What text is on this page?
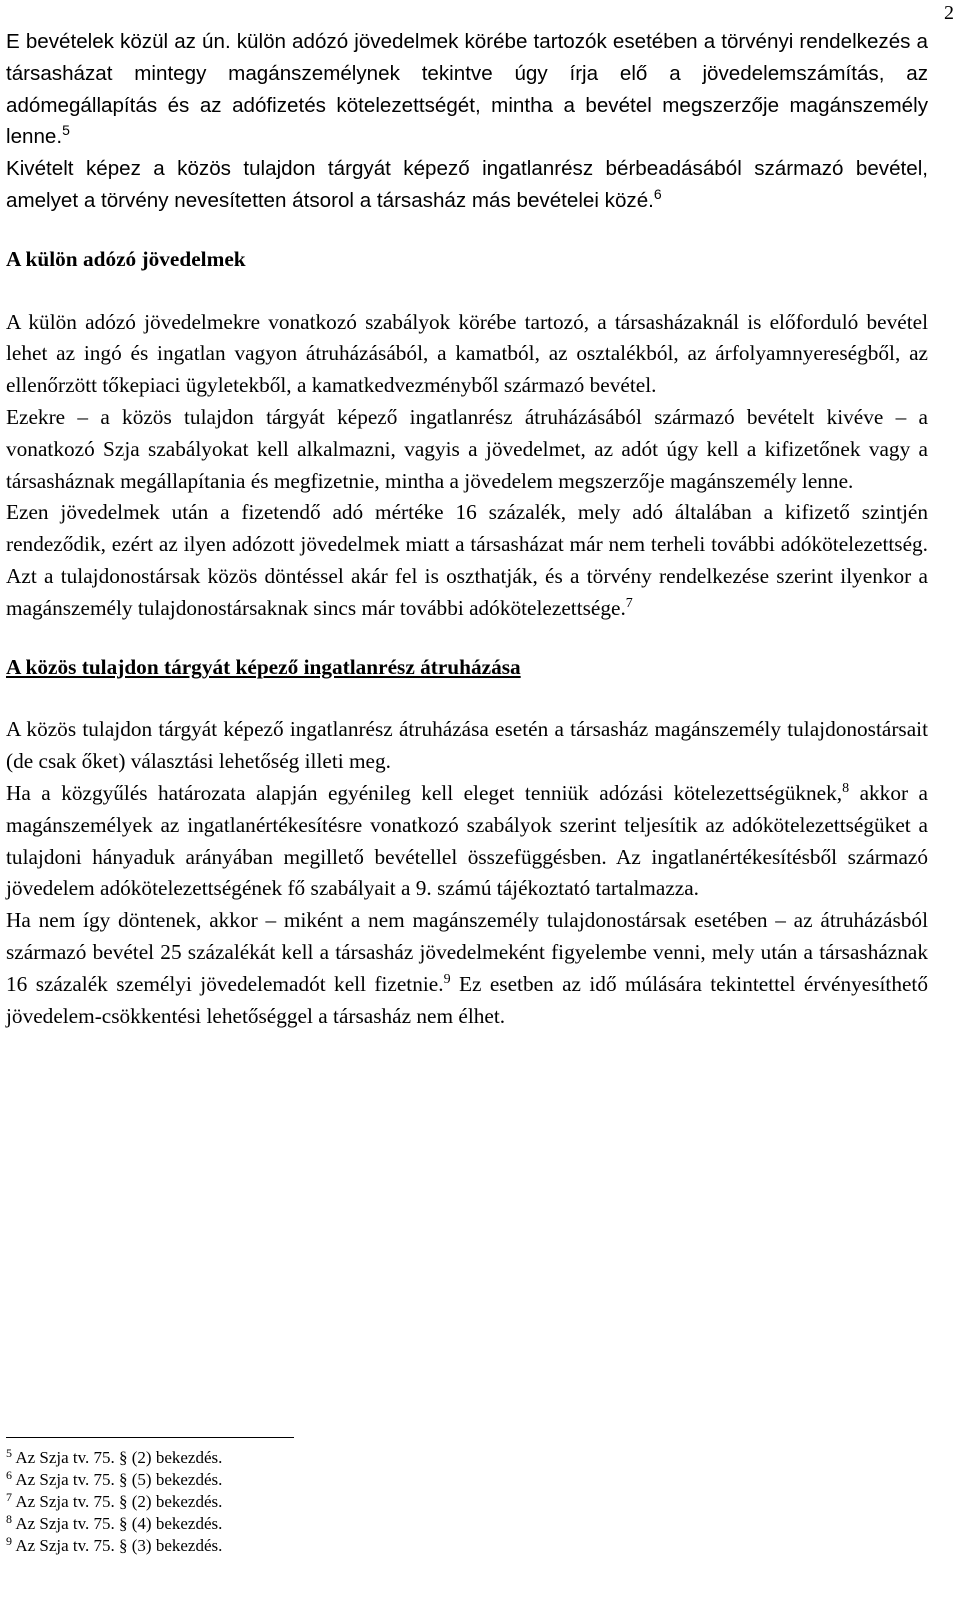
2

E bevételek közül az ún. külön adózó jövedelmek körébe tartozók esetében a törvényi rendelkezés a társasházat mintegy magánszemélynek tekintve úgy írja elő a jövedelemszámítás, az adómegállapítás és az adófizetés kötelezettségét, mintha a bevétel megszerzője magánszemély lenne.$^5$

Kivételt képez a közös tulajdon tárgyát képező ingatlanrész bérbeadásából származó bevétel, amelyet a törvény nevesítetten átsorol a társasház más bevételei közé.$^6$

A külön adózó jövedelmek

A külön adózó jövedelmekre vonatkozó szabályok körébe tartozó, a társasházaknál is előforduló bevétel lehet az ingó és ingatlan vagyon átruházásából, a kamatból, az osztalékból, az árfolyamnyereségből, az ellenőrzött tőkepiaci ügyletekből, a kamatkedvezményből származó bevétel.

Ezekre – a közös tulajdon tárgyát képező ingatlanrész átruházásából származó bevételt kivéve – a vonatkozó Szja szabályokat kell alkalmazni, vagyis a jövedelmet, az adót úgy kell a kifizetőnek vagy a társasháznak megállapítania és megfizetnie, mintha a jövedelem megszerzője magánszemély lenne.

Ezen jövedelmek után a fizetendő adó mértéke 16 százalék, mely adó általában a kifizető szintjén rendeződik, ezért az ilyen adózott jövedelmek miatt a társasházat már nem terheli további adókötelezettség. Azt a tulajdonostársak közös döntéssel akár fel is oszthatják, és a törvény rendelkezése szerint ilyenkor a magánszemély tulajdonostársaknak sincs már további adókötelezettsége.$^7$

A közös tulajdon tárgyát képező ingatlanrész átruházása

A közös tulajdon tárgyát képező ingatlanrész átruházása esetén a társasház magánszemély tulajdonostársait (de csak őket) választási lehetőség illeti meg.

Ha a közgyűlés határozata alapján egyénileg kell eleget tenniük adózási kötelezettségüknek,$^8$ akkor a magánszemélyek az ingatlanértékesítésre vonatkozó szabályok szerint teljesítik az adókötelezettségüket a tulajdoni hányaduk arányában megillető bevétellel összefüggésben. Az ingatlanértékesítésből származó jövedelem adókötelezettségének fő szabályait a 9. számú tájékoztató tartalmazza.

Ha nem így döntenek, akkor – miként a nem magánszemély tulajdonostársak esetében – az átruházásból származó bevétel 25 százalékát kell a társasház jövedelmeként figyelembe venni, mely után a társasháznak 16 százalék személyi jövedelemadót kell fizetnie.$^9$ Ez esetben az idő múlására tekintettel érvényesíthető jövedelem-csökkentési lehetőséggel a társasház nem élhet.

$^5$ Az Szja tv. 75. § (2) bekezdés.
$^6$ Az Szja tv. 75. § (5) bekezdés.
$^7$ Az Szja tv. 75. § (2) bekezdés.
$^8$ Az Szja tv. 75. § (4) bekezdés.
$^9$ Az Szja tv. 75. § (3) bekezdés.
